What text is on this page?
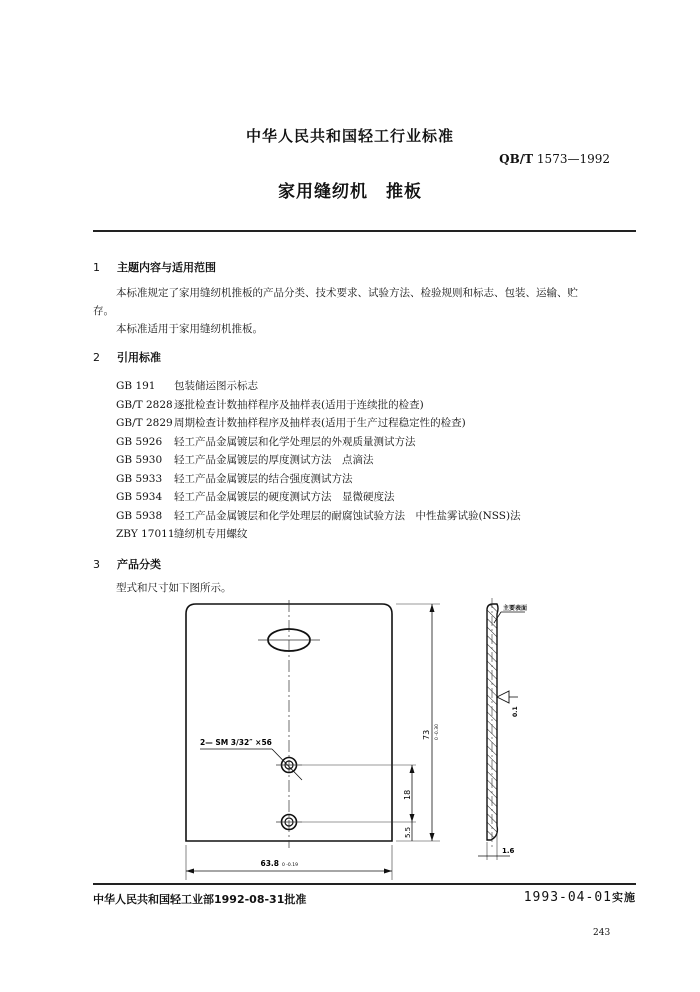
中华人民共和国轻工行业标准
QB/T 1573—1992
家用缝纫机　推板
1 主题内容与适用范围
本标准规定了家用缝纫机推板的产品分类、技术要求、试验方法、检验规则和标志、包装、运输、贮
存。
本标准适用于家用缝纫机推板。
2 引用标准
GB 191 包装储运图示标志
GB/T 2828逐批检查计数抽样程序及抽样表(适用于连续批的检查)
GB/T 2829周期检查计数抽样程序及抽样表(适用于生产过程稳定性的检查)
GB 5926 轻工产品金属镀层和化学处理层的外观质量测试方法
GB 5930 轻工产品金属镀层的厚度测试方法　点滴法
GB 5933 轻工产品金属镀层的结合强度测试方法
GB 5934 轻工产品金属镀层的硬度测试方法　显微硬度法
GB 5938 轻工产品金属镀层和化学处理层的耐腐蚀试验方法　中性盐雾试验(NSS)法
ZBY 17011缝纫机专用螺纹
3 产品分类
型式和尺寸如下图所示。
2— SM 3/32″ ×56
73 0 -0.30
18
5.5
63.8 0 -0.19
主要表面
0.1
1.6
中华人民共和国轻工业部1992-08-31批准	1993-04-01实施
243
